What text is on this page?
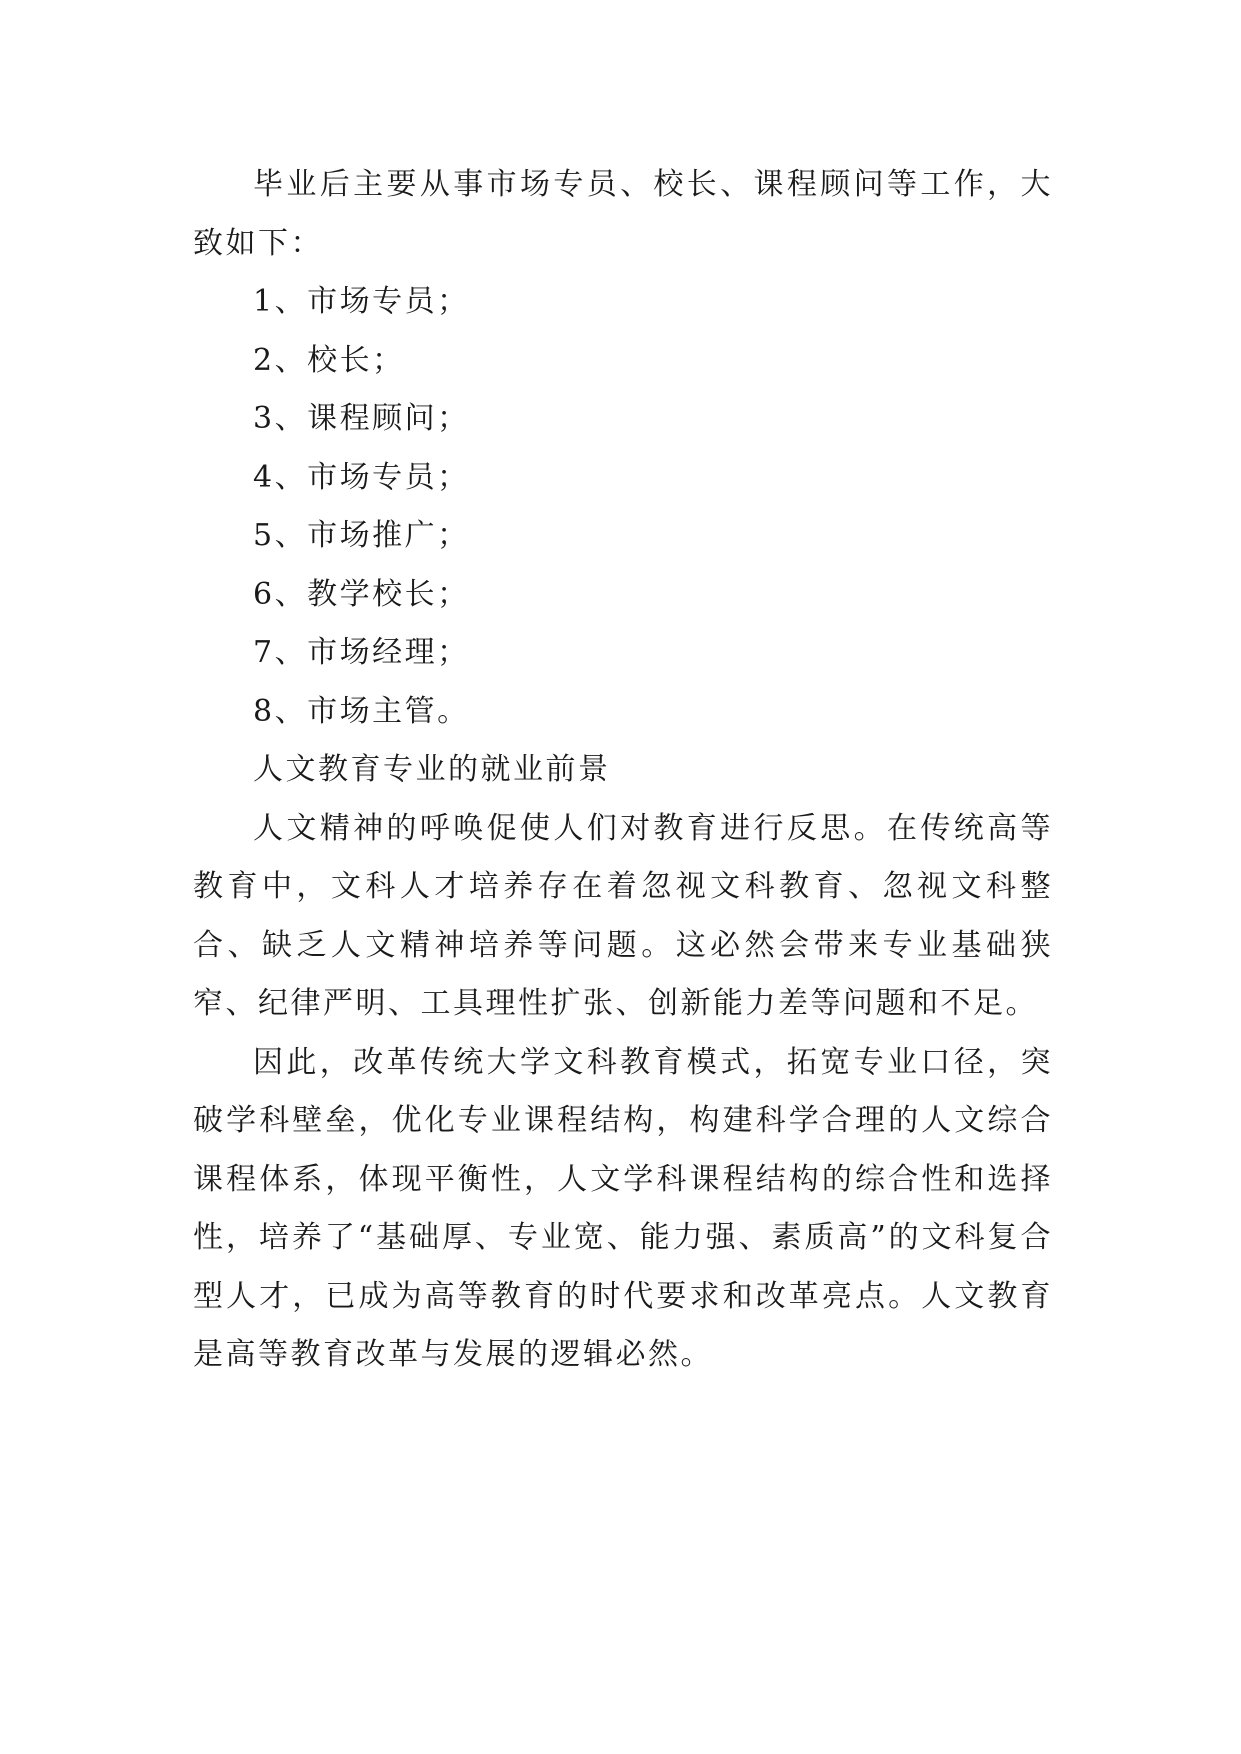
毕业后主要从事市场专员、校长、课程顾问等工作，大致如下：

1、市场专员；

2、校长；

3、课程顾问；

4、市场专员；

5、市场推广；

6、教学校长；

7、市场经理；

8、市场主管。

人文教育专业的就业前景

人文精神的呼唤促使人们对教育进行反思。在传统高等教育中，文科人才培养存在着忽视文科教育、忽视文科整合、缺乏人文精神培养等问题。这必然会带来专业基础狭窄、纪律严明、工具理性扩张、创新能力差等问题和不足。

因此，改革传统大学文科教育模式，拓宽专业口径，突破学科壁垒，优化专业课程结构，构建科学合理的人文综合课程体系，体现平衡性，人文学科课程结构的综合性和选择性，培养了“基础厚、专业宽、能力强、素质高”的文科复合型人才，已成为高等教育的时代要求和改革亮点。人文教育是高等教育改革与发展的逻辑必然。
